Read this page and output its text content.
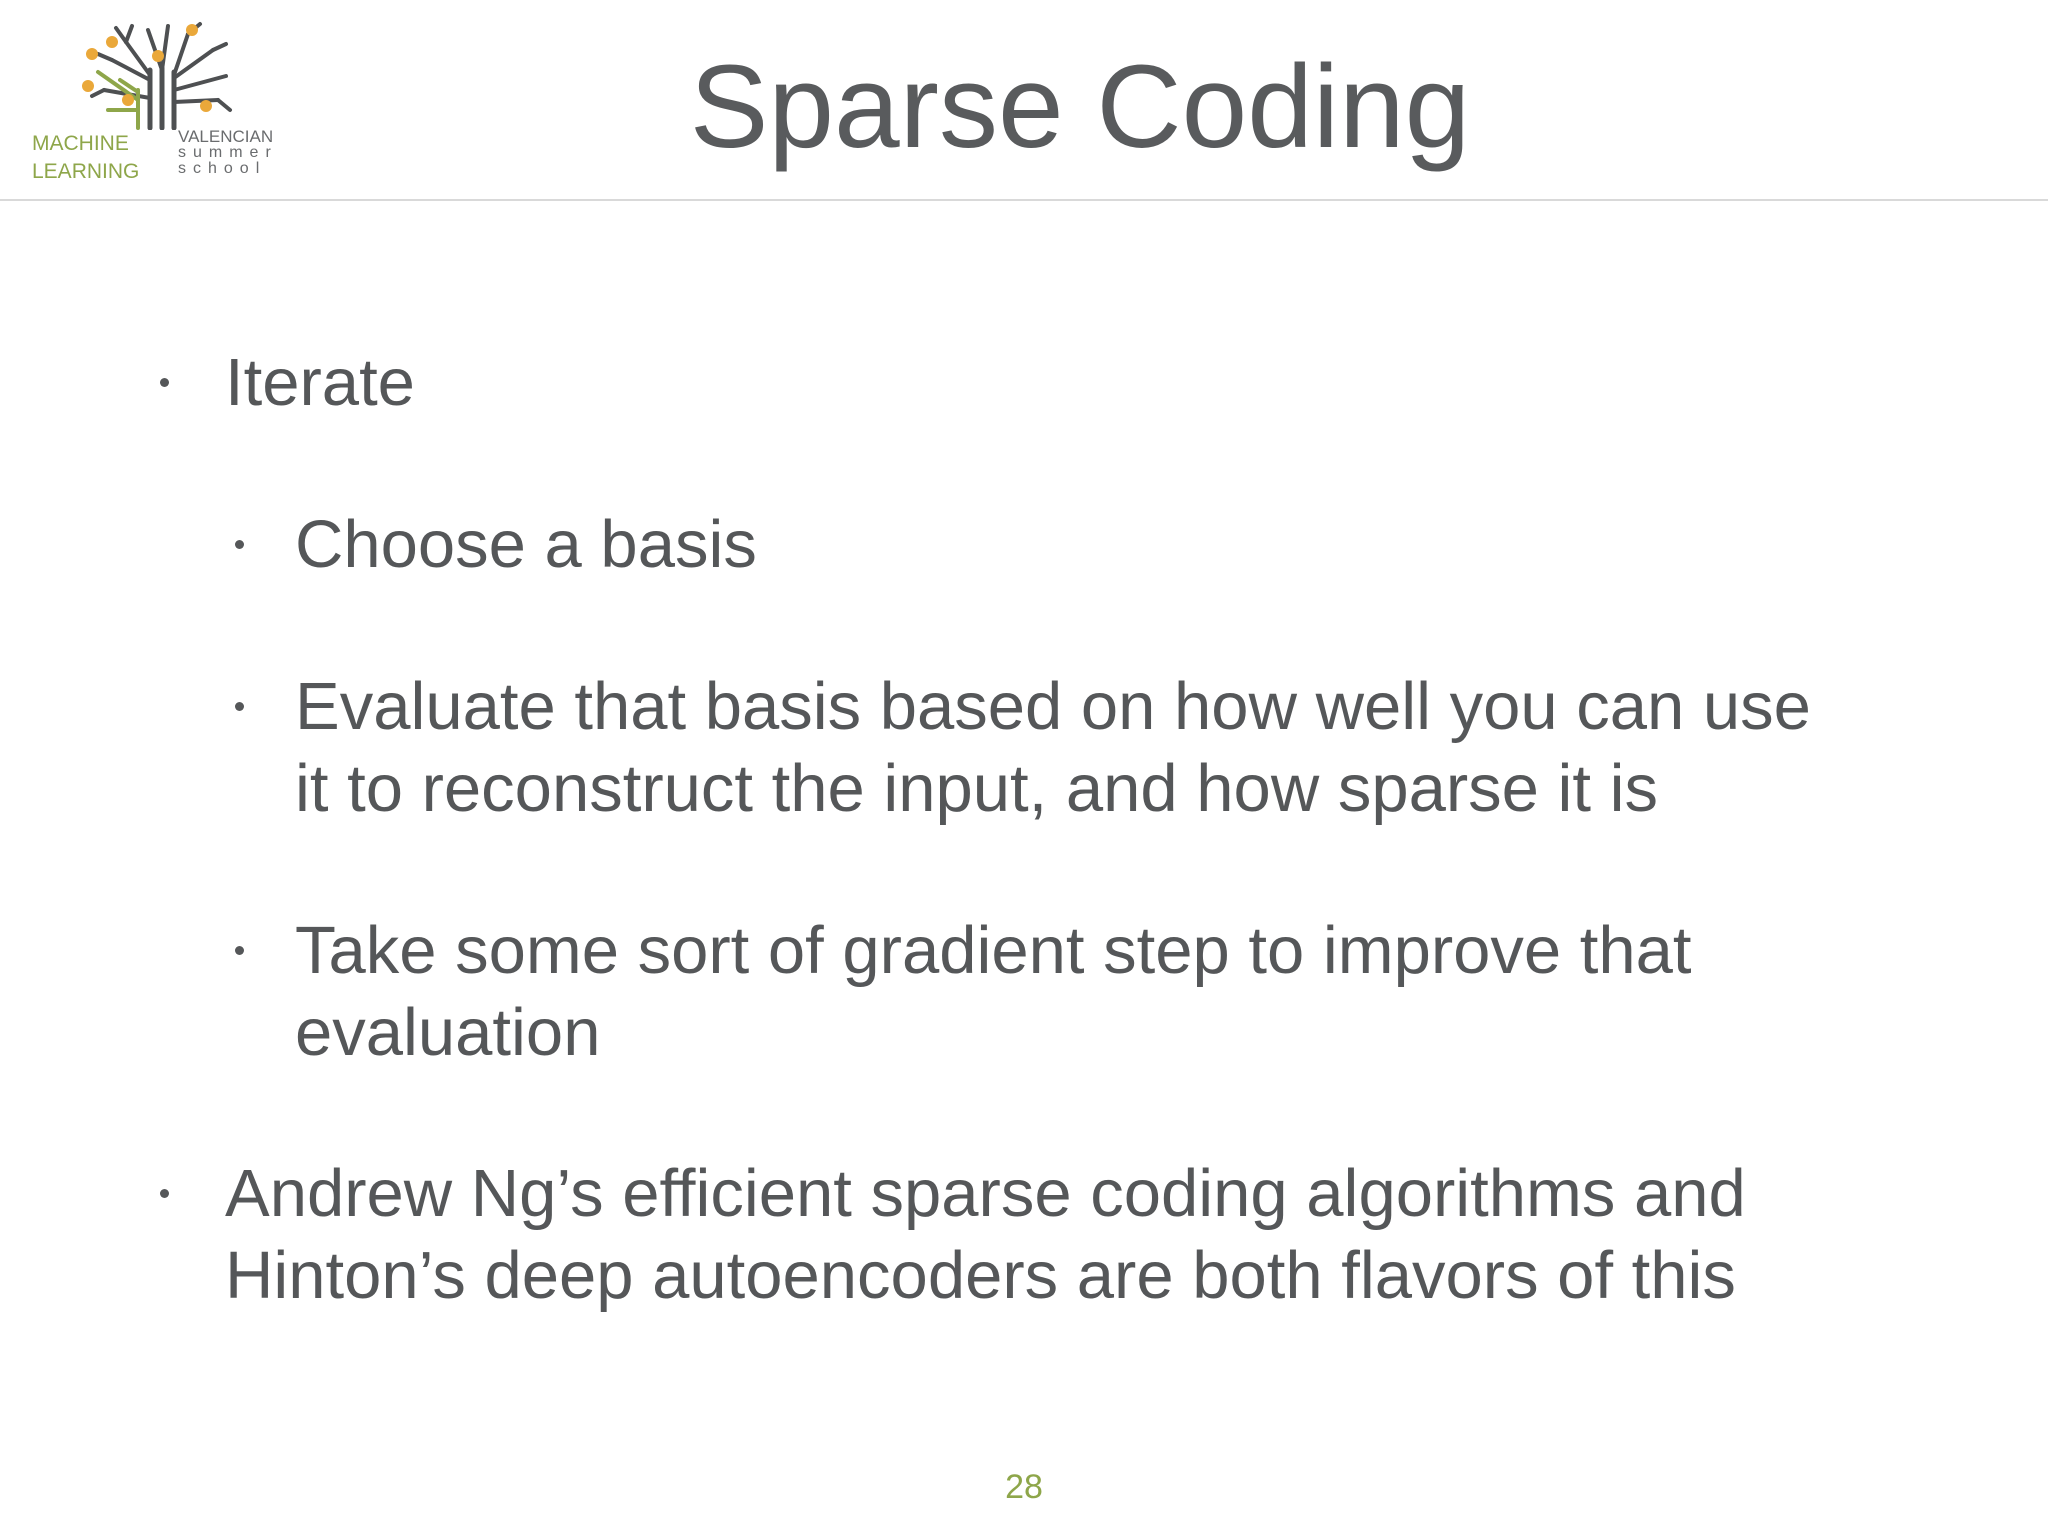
MACHINE
LEARNING
VALENCIAN
summer
school	Sparse Coding
Iterate
Choose a basis
Evaluate that basis based on how well you can use
it to reconstruct the input, and how sparse it is
Take some sort of gradient step to improve that
evaluation
Andrew Ng’s efficient sparse coding algorithms and
Hinton’s deep autoencoders are both flavors of this
28
